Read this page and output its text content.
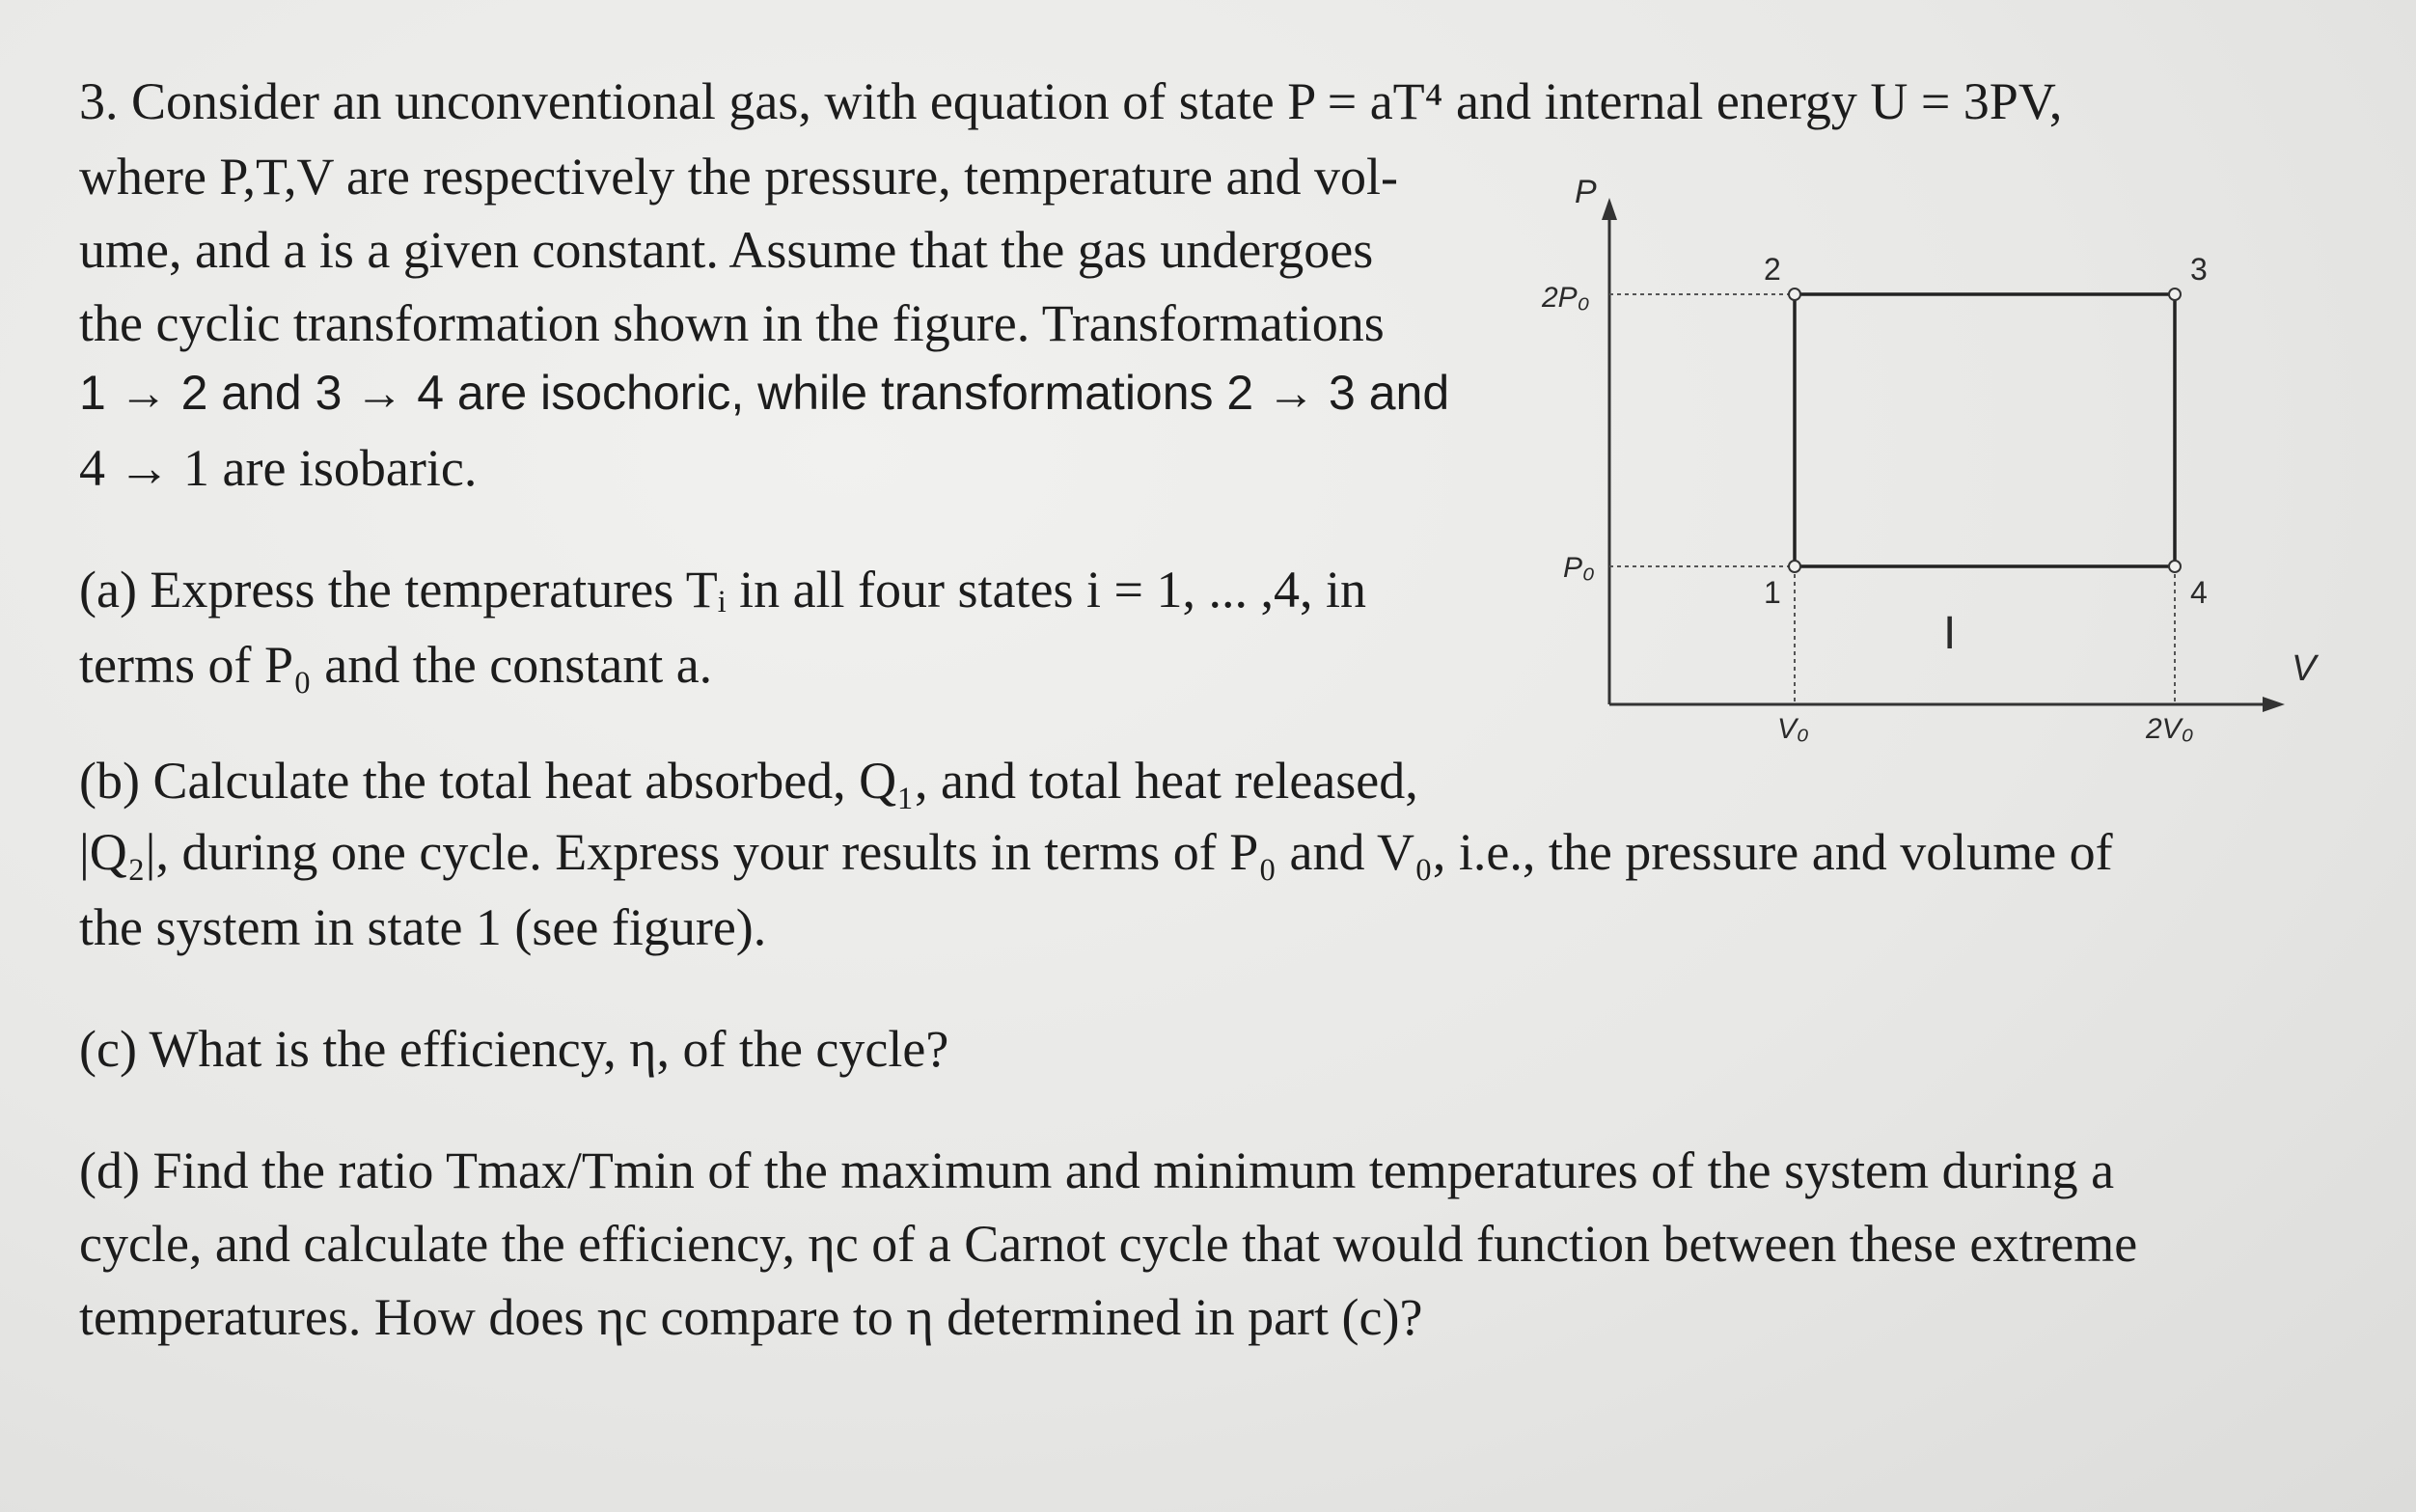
3. Consider an unconventional gas, with equation of state P = aT⁴ and internal energy U = 3PV,
where P,T,V are respectively the pressure, temperature and vol-
ume, and a is a given constant. Assume that the gas undergoes
the cyclic transformation shown in the figure. Transformations
1 → 2 and 3 → 4 are isochoric, while transformations 2 → 3 and
4 → 1 are isobaric.
(a) Express the temperatures Tᵢ in all four states i = 1, ... ,4, in
terms of P₀ and the constant a.
(b) Calculate the total heat absorbed, Q₁, and total heat released,
|Q₂|, during one cycle. Express your results in terms of P₀ and V₀, i.e., the pressure and volume of
the system in state 1 (see figure).
(c) What is the efficiency, η, of the cycle?
(d) Find the ratio Tmax/Tmin of the maximum and minimum temperatures of the system during a
cycle, and calculate the efficiency, ηc of a Carnot cycle that would function between these extreme
temperatures. How does ηc compare to η determined in part (c)?
P
V
2P₀
P₀
V₀	2V₀
1
2	3
4
I
